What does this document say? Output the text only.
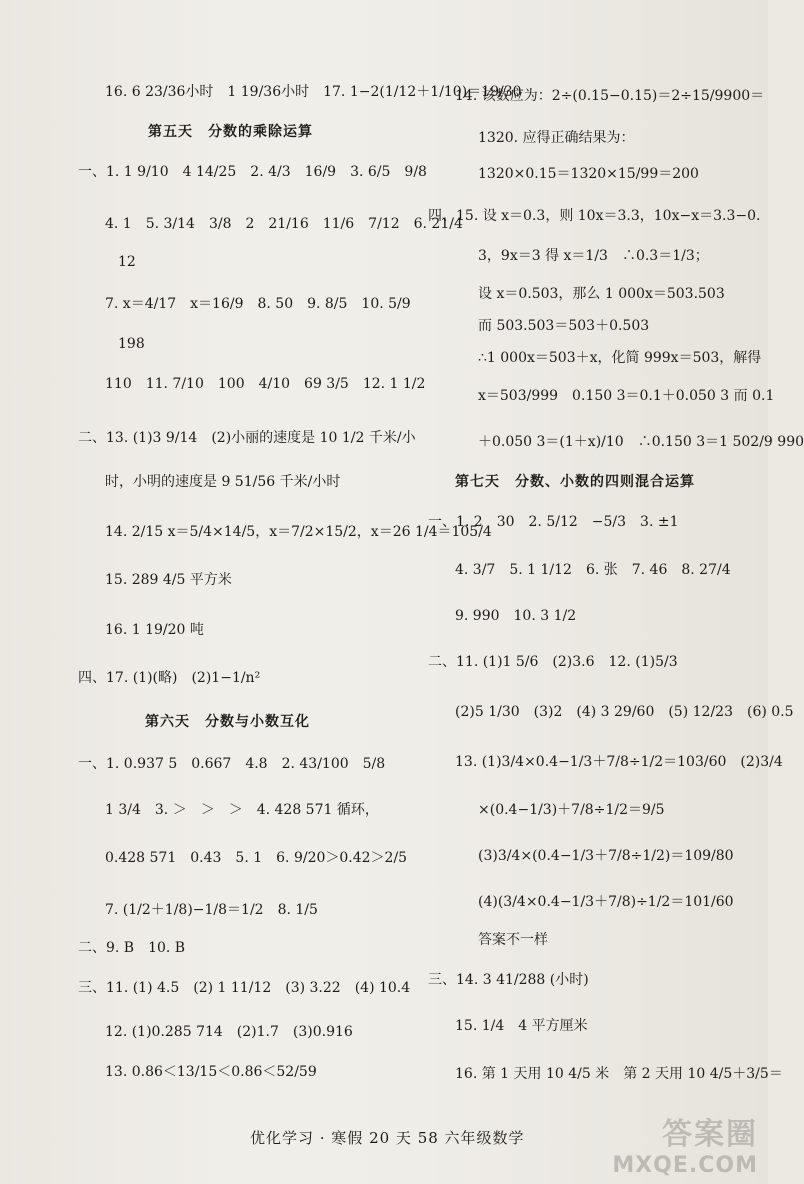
16. 6 23/36小时　1 19/36小时　17. 1−2(1/12＋1/10)＝19/30
第五天　分数的乘除运算
一、1. 1 9/10　4 14/25　2. 4/3　16/9　3. 6/5　9/8
4. 1　5. 3/14　3/8　2　21/16　11/6　7/12　6. 21/4
12
7. x＝4/17　x＝16/9　8. 50　9. 8/5　10. 5/9
198
110　11. 7/10　100　4/10　69 3/5　12. 1 1/2
二、13. (1)3 9/14　(2)小丽的速度是 10 1/2 千米/小
时，小明的速度是 9 51/56 千米/小时
14. 2/15 x＝5/4×14/5，x＝7/2×15/2，x＝26 1/4＝105/4
15. 289 4/5 平方米
16. 1 19/20 吨
四、17. (1)(略)　(2)1−1/n²
第六天　分数与小数互化
一、1. 0.937 5　0.667　4.8　2. 43/100　5/8
1 3/4　3. ＞　＞　＞　4. 428 571 循环，
0.428 571　0.43　5. 1　6. 9/20＞0.42＞2/5
7. (1/2＋1/8)−1/8＝1/2　8. 1/5
二、9. B　10. B
三、11. (1) 4.5　(2) 1 11/12　(3) 3.22　(4) 10.4
12. (1)0.285 714　(2)1.7　(3)0.916
13. 0.86＜13/15＜0.86＜52/59
14. 该数应为：2÷(0.15−0.15)＝2÷15/9900＝
1320. 应得正确结果为：
1320×0.15＝1320×15/99＝200
四、15. 设 x＝0.3，则 10x＝3.3，10x−x＝3.3−0.
3，9x＝3 得 x＝1/3　∴0.3＝1/3；
设 x＝0.503，那么 1 000x＝503.503
而 503.503＝503＋0.503
∴1 000x＝503＋x，化简 999x＝503，解得
x＝503/999　0.150 3＝0.1＋0.050 3 而 0.1
＋0.050 3＝(1＋x)/10　∴0.150 3＝1 502/9 990
第七天　分数、小数的四则混合运算
一、1. 2　30　2. 5/12　−5/3　3. ±1
4. 3/7　5. 1 1/12　6. 张　7. 46　8. 27/4
9. 990　10. 3 1/2
二、11. (1)1 5/6　(2)3.6　12. (1)5/3
(2)5 1/30　(3)2　(4) 3 29/60　(5) 12/23　(6) 0.5
13. (1)3/4×0.4−1/3＋7/8÷1/2＝103/60　(2)3/4
×(0.4−1/3)＋7/8÷1/2＝9/5
(3)3/4×(0.4−1/3＋7/8÷1/2)＝109/80
(4)(3/4×0.4−1/3＋7/8)÷1/2＝101/60
答案不一样
三、14. 3 41/288 (小时)
15. 1/4　4 平方厘米
16. 第 1 天用 10 4/5 米　第 2 天用 10 4/5＋3/5＝
优化学习 · 寒假 20 天 58 六年级数学	答案圈
MXQE.COM
